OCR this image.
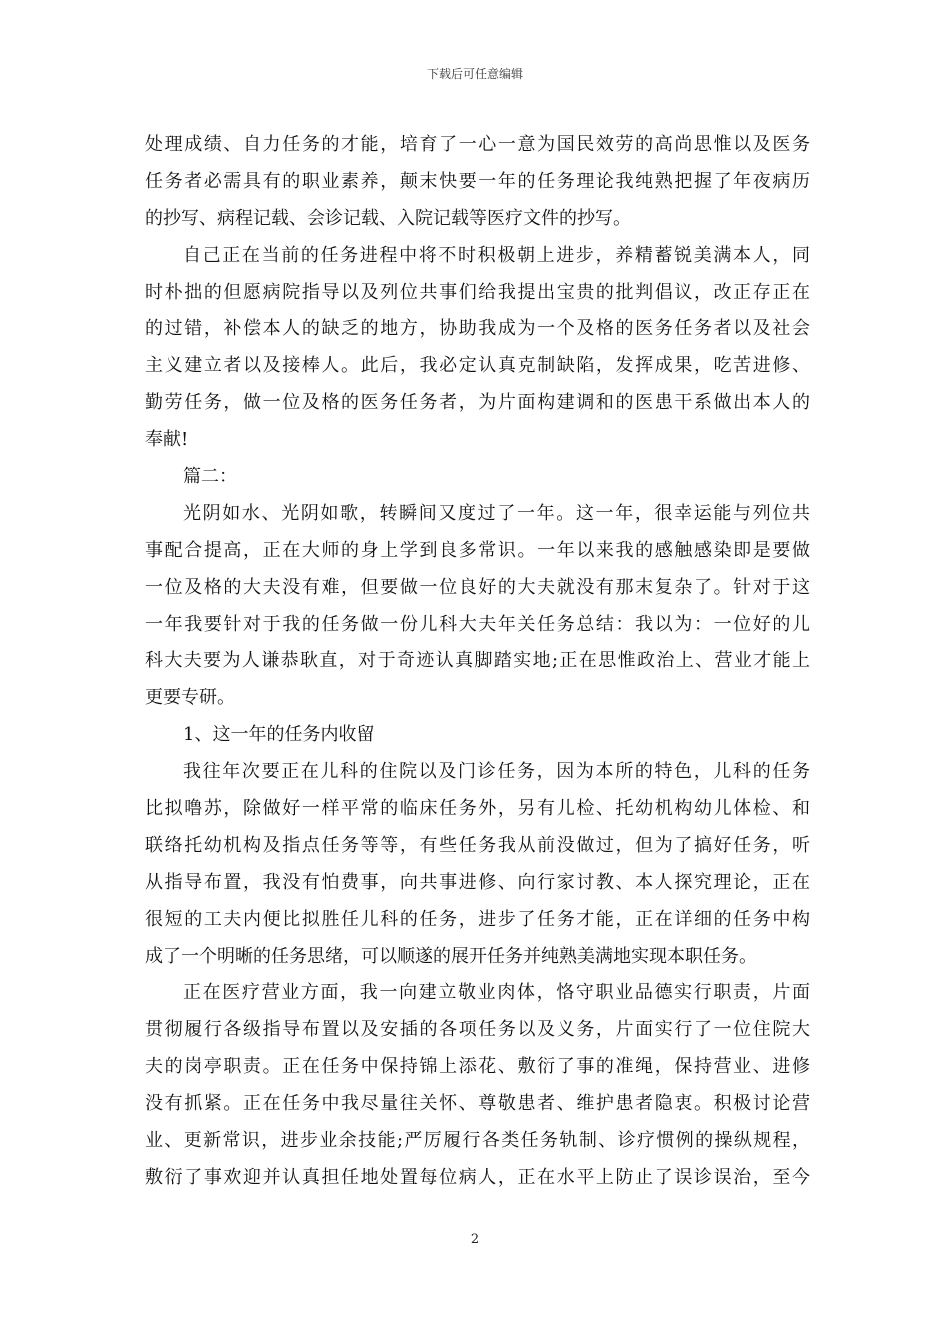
下载后可任意编辑
处理成绩、自力任务的才能，培育了一心一意为国民效劳的高尚思惟以及医务
任务者必需具有的职业素养，颠末快要一年的任务理论我纯熟把握了年夜病历
的抄写、病程记载、会诊记载、入院记载等医疗文件的抄写。
自己正在当前的任务进程中将不时积极朝上进步，养精蓄锐美满本人，同
时朴拙的但愿病院指导以及列位共事们给我提出宝贵的批判倡议，改正存正在
的过错，补偿本人的缺乏的地方，协助我成为一个及格的医务任务者以及社会
主义建立者以及接棒人。此后，我必定认真克制缺陷，发挥成果，吃苦进修、
勤劳任务，做一位及格的医务任务者，为片面构建调和的医患干系做出本人的
奉献!
篇二：
光阴如水、光阴如歌，转瞬间又度过了一年。这一年，很幸运能与列位共
事配合提高，正在大师的身上学到良多常识。一年以来我的感触感染即是要做
一位及格的大夫没有难，但要做一位良好的大夫就没有那末复杂了。针对于这
一年我要针对于我的任务做一份儿科大夫年关任务总结：我以为：一位好的儿
科大夫要为人谦恭耿直，对于奇迹认真脚踏实地;正在思惟政治上、营业才能上
更要专研。
1、这一年的任务内收留
我往年次要正在儿科的住院以及门诊任务，因为本所的特色，儿科的任务
比拟噜苏，除做好一样平常的临床任务外，另有儿检、托幼机构幼儿体检、和
联络托幼机构及指点任务等等，有些任务我从前没做过，但为了搞好任务，听
从指导布置，我没有怕费事，向共事进修、向行家讨教、本人探究理论，正在
很短的工夫内便比拟胜任儿科的任务，进步了任务才能，正在详细的任务中构
成了一个明晰的任务思绪，可以顺遂的展开任务并纯熟美满地实现本职任务。
正在医疗营业方面，我一向建立敬业肉体，恪守职业品德实行职责，片面
贯彻履行各级指导布置以及安插的各项任务以及义务，片面实行了一位住院大
夫的岗亭职责。正在任务中保持锦上添花、敷衍了事的准绳，保持营业、进修
没有抓紧。正在任务中我尽量往关怀、尊敬患者、维护患者隐衷。积极讨论营
业、更新常识，进步业余技能;严厉履行各类任务轨制、诊疗惯例的操纵规程，
敷衍了事欢迎并认真担任地处置每位病人，正在水平上防止了误诊误治，至今
2
